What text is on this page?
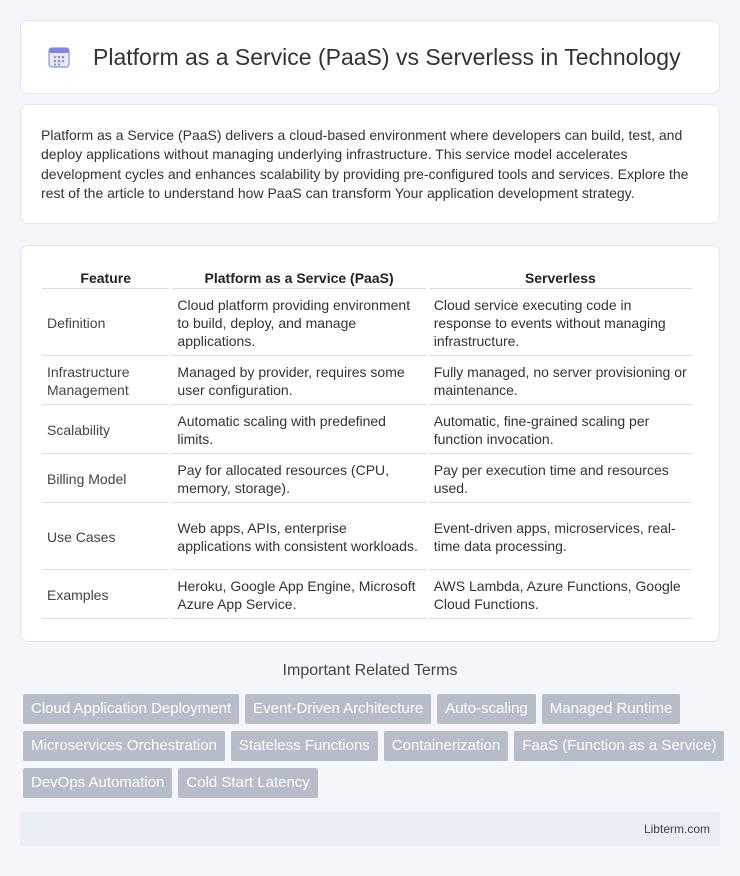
Platform as a Service (PaaS) vs Serverless in Technology

Platform as a Service (PaaS) delivers a cloud-based environment where developers can build, test, and deploy applications without managing underlying infrastructure. This service model accelerates development cycles and enhances scalability by providing pre-configured tools and services. Explore the rest of the article to understand how PaaS can transform Your application development strategy.

Feature	Platform as a Service (PaaS)	Serverless
Definition	Cloud platform providing environment to build, deploy, and manage applications.	Cloud service executing code in response to events without managing infrastructure.
Infrastructure Management	Managed by provider, requires some user configuration.	Fully managed, no server provisioning or maintenance.
Scalability	Automatic scaling with predefined limits.	Automatic, fine-grained scaling per function invocation.
Billing Model	Pay for allocated resources (CPU, memory, storage).	Pay per execution time and resources used.
Use Cases	Web apps, APIs, enterprise applications with consistent workloads.	Event-driven apps, microservices, real-time data processing.
Examples	Heroku, Google App Engine, Microsoft Azure App Service.	AWS Lambda, Azure Functions, Google Cloud Functions.
Important Related Terms
Cloud Application Deployment	Event-Driven Architecture	Auto-scaling	Managed Runtime
Microservices Orchestration	Stateless Functions	Containerization	FaaS (Function as a Service)
DevOps Automation	Cold Start Latency
Libterm.com
